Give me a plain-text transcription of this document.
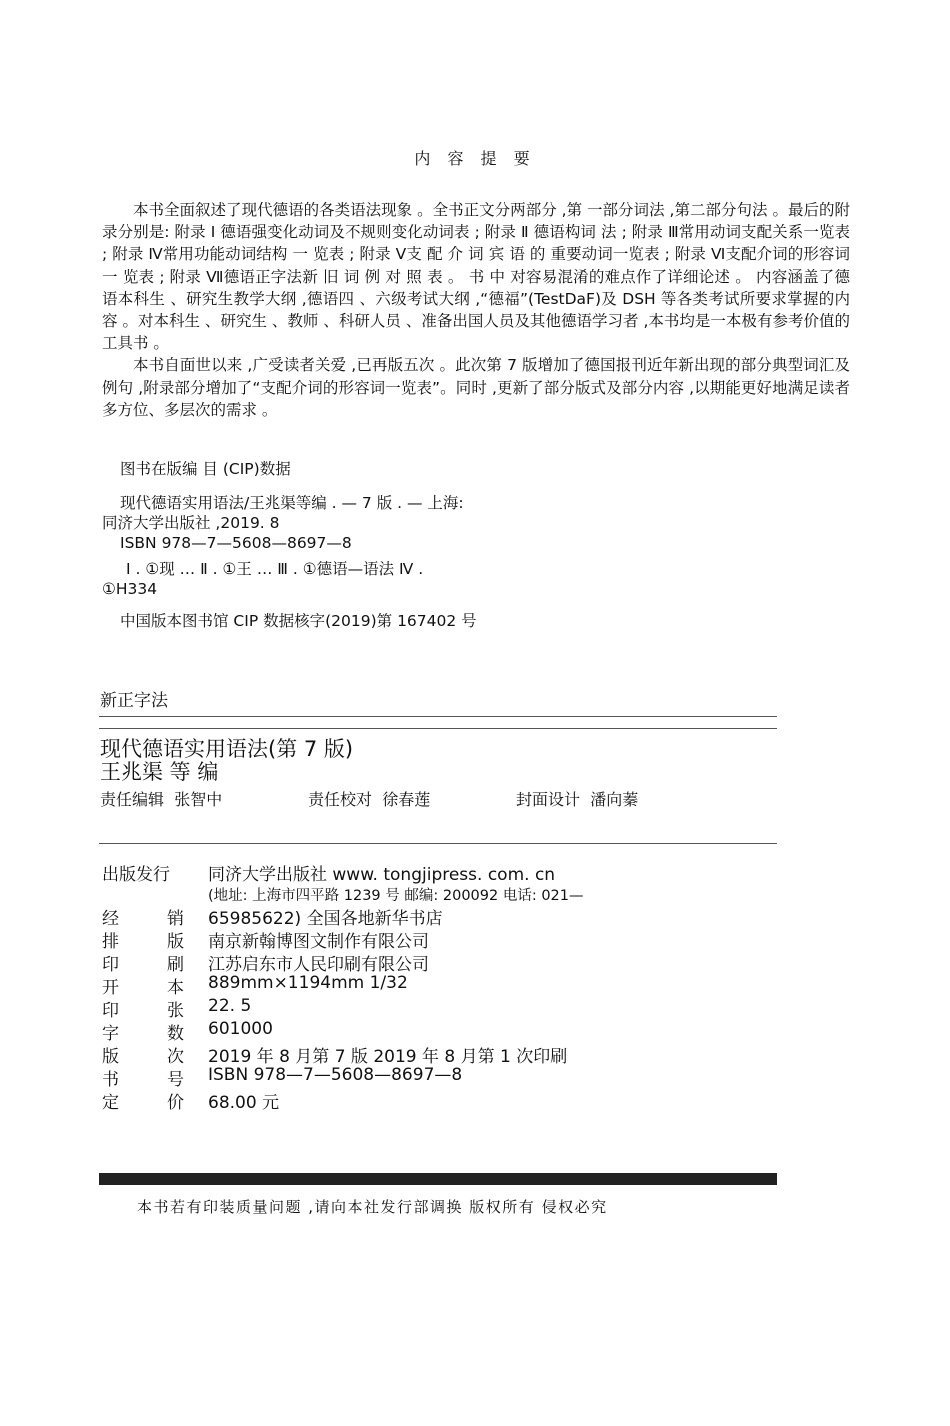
内 容 提 要

本书全面叙述了现代德语的各类语法现象 。全书正文分两部分 ,第 一部分词法 ,第二部分句法 。最后的附录分别是: 附录 Ⅰ 德语强变化动词及不规则变化动词表 ; 附录 Ⅱ 德语构词 法 ; 附录 Ⅲ常用动词支配关系一览表 ; 附录 Ⅳ常用功能动词结构 一 览表 ; 附录 Ⅴ支 配 介 词 宾 语 的 重要动词一览表 ; 附录 Ⅵ支配介词的形容词一 览表 ; 附录 Ⅶ德语正字法新 旧 词 例 对 照 表 。 书 中 对容易混淆的难点作了详细论述 。 内容涵盖了德语本科生 、研究生教学大纲 ,德语四 、六级考试大纲 ,“德福”(TestDaF)及 DSH 等各类考试所要求掌握的内容 。对本科生 、研究生 、教师 、科研人员 、准备出国人员及其他德语学习者 ,本书均是一本极有参考价值的工具书 。

本书自面世以来 ,广受读者关爱 ,已再版五次 。此次第 7 版增加了德国报刊近年新出现的部分典型词汇及例句 ,附录部分增加了“支配介词的形容词一览表”。同时 ,更新了部分版式及部分内容 ,以期能更好地满足读者多方位、多层次的需求 。

图书在版编 目 (CIP)数据
现代德语实用语法/王兆渠等编 . — 7 版 . — 上海:
同济大学出版社 ,2019. 8
ISBN 978—7—5608—8697—8
Ⅰ . ①现 … Ⅱ . ①王 … Ⅲ . ①德语—语法 Ⅳ .
①H334
中国版本图书馆 CIP 数据核字(2019)第 167402 号
新正字法
现代德语实用语法(第 7 版)
王兆渠 等 编
责任编辑 张智中	责任校对 徐春莲	封面设计 潘向蓁
出版发行	同济大学出版社 www. tongjipress. com. cn
(地址: 上海市四平路 1239 号 邮编: 200092 电话: 021—
经	销 65985622) 全国各地新华书店
排	版 南京新翰博图文制作有限公司
印	刷 江苏启东市人民印刷有限公司
开	本 889mm×1194mm 1/32
印	张 22. 5
字	数 601000
版	次 2019 年 8 月第 7 版 2019 年 8 月第 1 次印刷
书	号 ISBN 978—7—5608—8697—8
定	价 68.00 元
本书若有印装质量问题 ,请向本社发行部调换 版权所有 侵权必究
